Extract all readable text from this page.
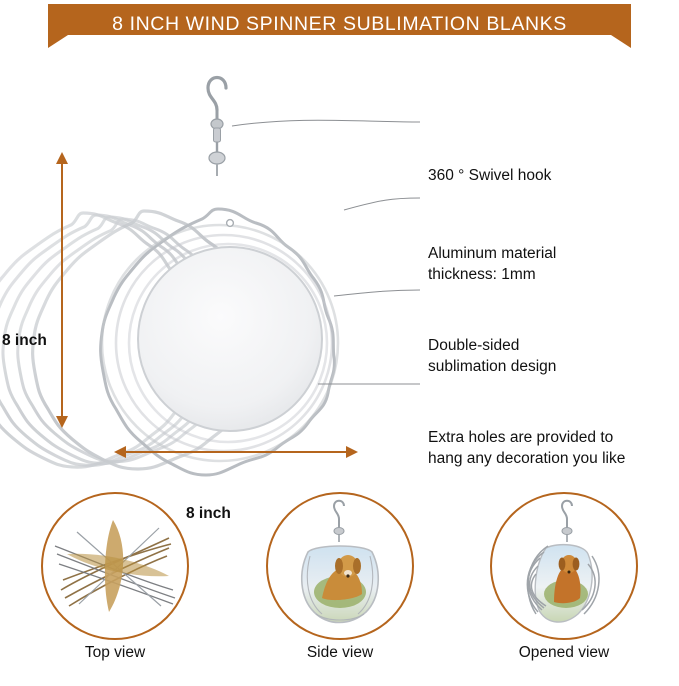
8 INCH WIND SPINNER SUBLIMATION BLANKS
360 ° Swivel hook
Aluminum material
thickness: 1mm
Double-sided
sublimation design
Extra holes are provided to
hang any decoration you like
8 inch
8 inch
Top view	Side view	Opened view
